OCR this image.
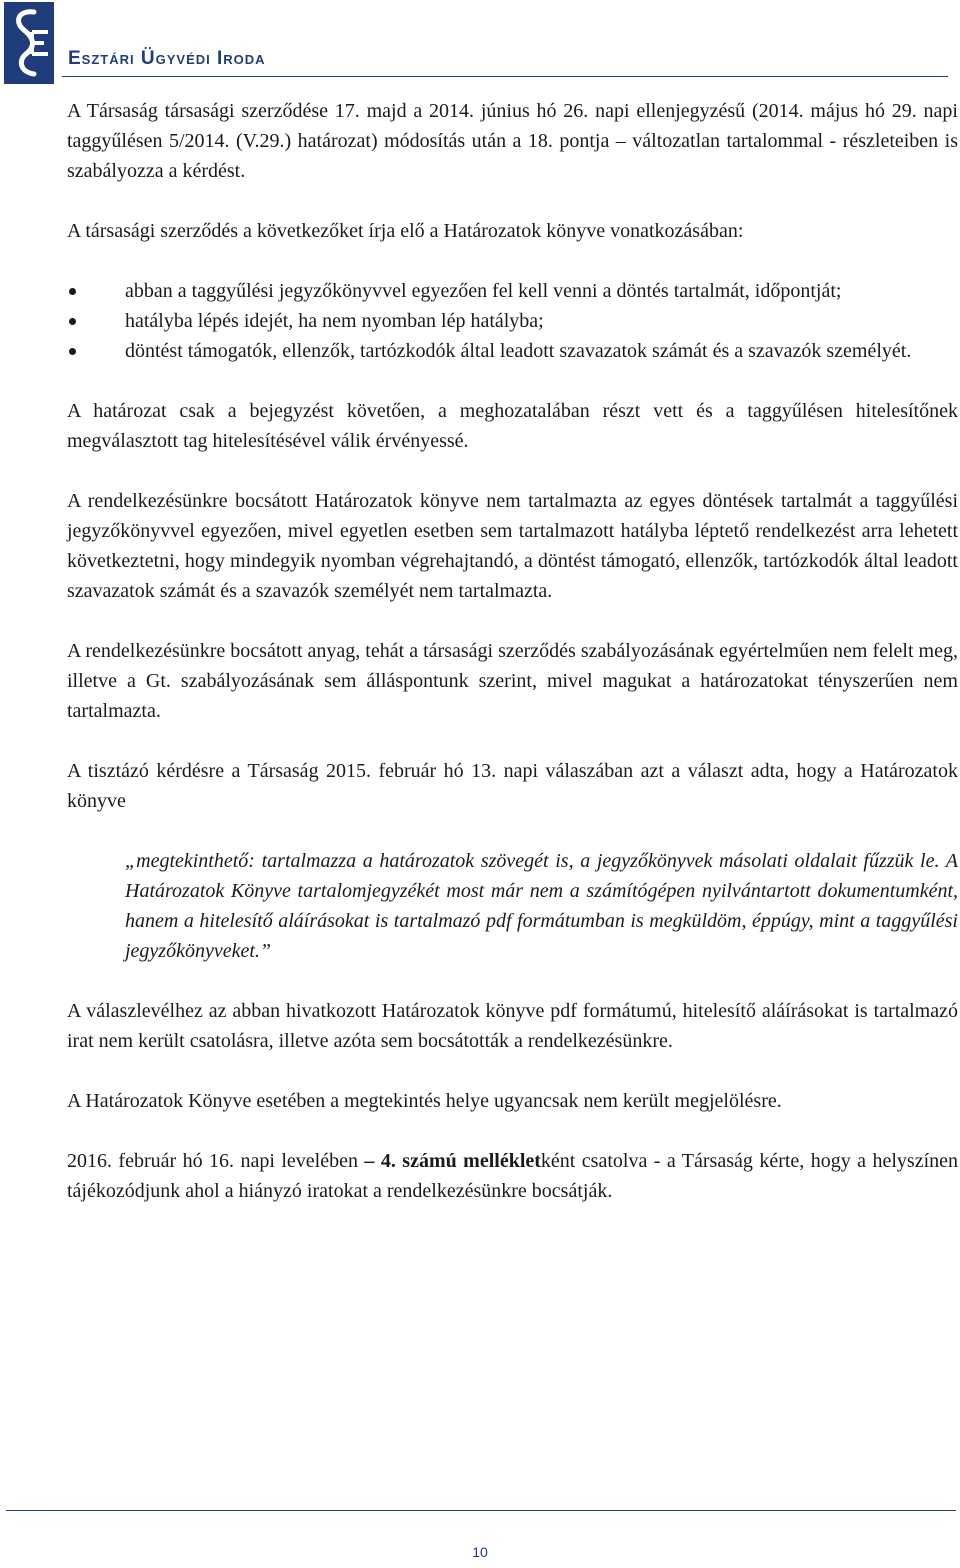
Esztári Ügyvédi Iroda

A Társaság társasági szerződése 17. majd a 2014. június hó 26. napi ellenjegyzésű (2014. május hó 29. napi taggyűlésen 5/2014. (V.29.) határozat) módosítás után a 18. pontja – változatlan tartalommal - részleteiben is szabályozza a kérdést.

A társasági szerződés a következőket írja elő a Határozatok könyve vonatkozásában:

abban a taggyűlési jegyzőkönyvvel egyezően fel kell venni a döntés tartalmát, időpontját;
hatályba lépés idejét, ha nem nyomban lép hatályba;
döntést támogatók, ellenzők, tartózkodók által leadott szavazatok számát és a szavazók személyét.

A határozat csak a bejegyzést követően, a meghozatalában részt vett és a taggyűlésen hitelesítőnek megválasztott tag hitelesítésével válik érvényessé.

A rendelkezésünkre bocsátott Határozatok könyve nem tartalmazta az egyes döntések tartalmát a taggyűlési jegyzőkönyvvel egyezően, mivel egyetlen esetben sem tartalmazott hatályba léptető rendelkezést arra lehetett következtetni, hogy mindegyik nyomban végrehajtandó, a döntést támogató, ellenzők, tartózkodók által leadott szavazatok számát és a szavazók személyét nem tartalmazta.

A rendelkezésünkre bocsátott anyag, tehát a társasági szerződés szabályozásának egyértelműen nem felelt meg, illetve a Gt. szabályozásának sem álláspontunk szerint, mivel magukat a határozatokat tényszerűen nem tartalmazta.

A tisztázó kérdésre a Társaság 2015. február hó 13. napi válaszában azt a választ adta, hogy a Határozatok könyve

„megtekinthető: tartalmazza a határozatok szövegét is, a jegyzőkönyvek másolati oldalait fűzzük le. A Határozatok Könyve tartalomjegyzékét most már nem a számítógépen nyilvántartott dokumentumként, hanem a hitelesítő aláírásokat is tartalmazó pdf formátumban is megküldöm, éppúgy, mint a taggyűlési jegyzőkönyveket.”

A válaszlevélhez az abban hivatkozott Határozatok könyve pdf formátumú, hitelesítő aláírásokat is tartalmazó irat nem került csatolásra, illetve azóta sem bocsátották a rendelkezésünkre.

A Határozatok Könyve esetében a megtekintés helye ugyancsak nem került megjelölésre.

2016. február hó 16. napi levelében – 4. számú mellékletként csatolva - a Társaság kérte, hogy a helyszínen tájékozódjunk ahol a hiányzó iratokat a rendelkezésünkre bocsátják.

10
